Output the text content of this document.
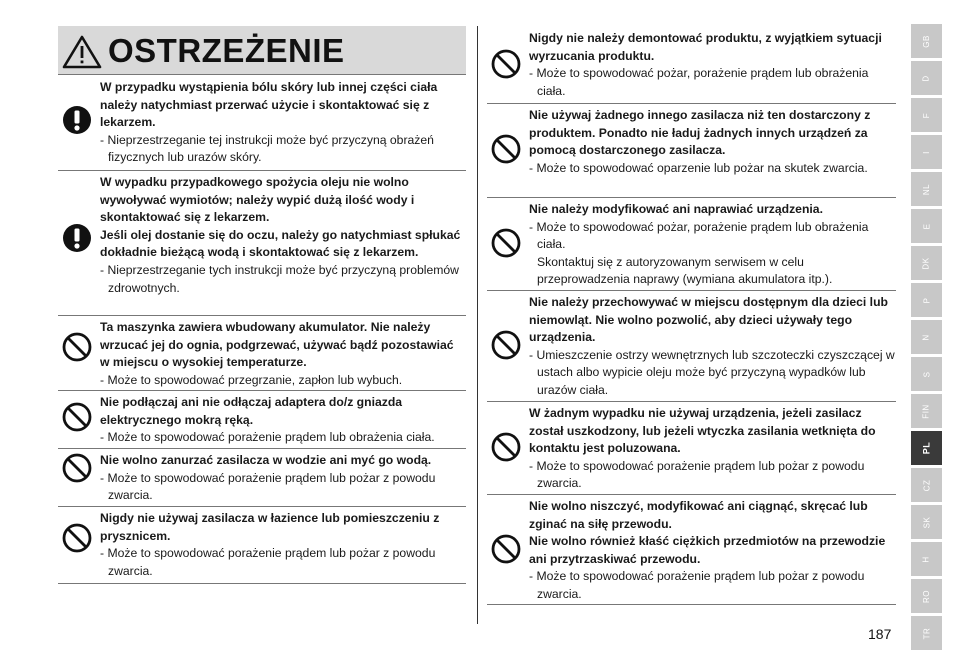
OSTRZEŻENIE
W przypadku wystąpienia bólu skóry lub innej części ciała należy natychmiast przerwać użycie i skontaktować się z lekarzem.
- Nieprzestrzeganie tej instrukcji może być przyczyną obrażeń fizycznych lub urazów skóry.
W wypadku przypadkowego spożycia oleju nie wolno wywoływać wymiotów; należy wypić dużą ilość wody i skontaktować się z lekarzem.
Jeśli olej dostanie się do oczu, należy go natychmiast spłukać dokładnie bieżącą wodą i skontaktować się z lekarzem.
- Nieprzestrzeganie tych instrukcji może być przyczyną problemów zdrowotnych.
Ta maszynka zawiera wbudowany akumulator. Nie należy wrzucać jej do ognia, podgrzewać, używać bądź pozostawiać w miejscu o wysokiej temperaturze.
- Może to spowodować przegrzanie, zapłon lub wybuch.
Nie podłączaj ani nie odłączaj adaptera do/z gniazda elektrycznego mokrą ręką.
- Może to spowodować porażenie prądem lub obrażenia ciała.
Nie wolno zanurzać zasilacza w wodzie ani myć go wodą.
- Może to spowodować porażenie prądem lub pożar z powodu zwarcia.
Nigdy nie używaj zasilacza w łazience lub pomieszczeniu z prysznicem.
- Może to spowodować porażenie prądem lub pożar z powodu zwarcia.
Nigdy nie należy demontować produktu, z wyjątkiem sytuacji wyrzucania produktu.
- Może to spowodować pożar, porażenie prądem lub obrażenia ciała.
Nie używaj żadnego innego zasilacza niż ten dostarczony z produktem. Ponadto nie ładuj żadnych innych urządzeń za pomocą dostarczonego zasilacza.
- Może to spowodować oparzenie lub pożar na skutek zwarcia.
Nie należy modyfikować ani naprawiać urządzenia.
- Może to spowodować pożar, porażenie prądem lub obrażenia ciała.
Skontaktuj się z autoryzowanym serwisem w celu przeprowadzenia naprawy (wymiana akumulatora itp.).
Nie należy przechowywać w miejscu dostępnym dla dzieci lub niemowląt. Nie wolno pozwolić, aby dzieci używały tego urządzenia.
- Umieszczenie ostrzy wewnętrznych lub szczoteczki czyszczącej w ustach albo wypicie oleju może być przyczyną wypadków lub urazów ciała.
W żadnym wypadku nie używaj urządzenia, jeżeli zasilacz został uszkodzony, lub jeżeli wtyczka zasilania wetknięta do kontaktu jest poluzowana.
- Może to spowodować porażenie prądem lub pożar z powodu zwarcia.
Nie wolno niszczyć, modyfikować ani ciągnąć, skręcać lub zginać na siłę przewodu.
Nie wolno również kłaść ciężkich przedmiotów na przewodzie ani przytrzaskiwać przewodu.
- Może to spowodować porażenie prądem lub pożar z powodu zwarcia.
GB
D
F
I
NL
E
DK
P
N
S
FIN
PL
CZ
SK
H
RO
TR
187
